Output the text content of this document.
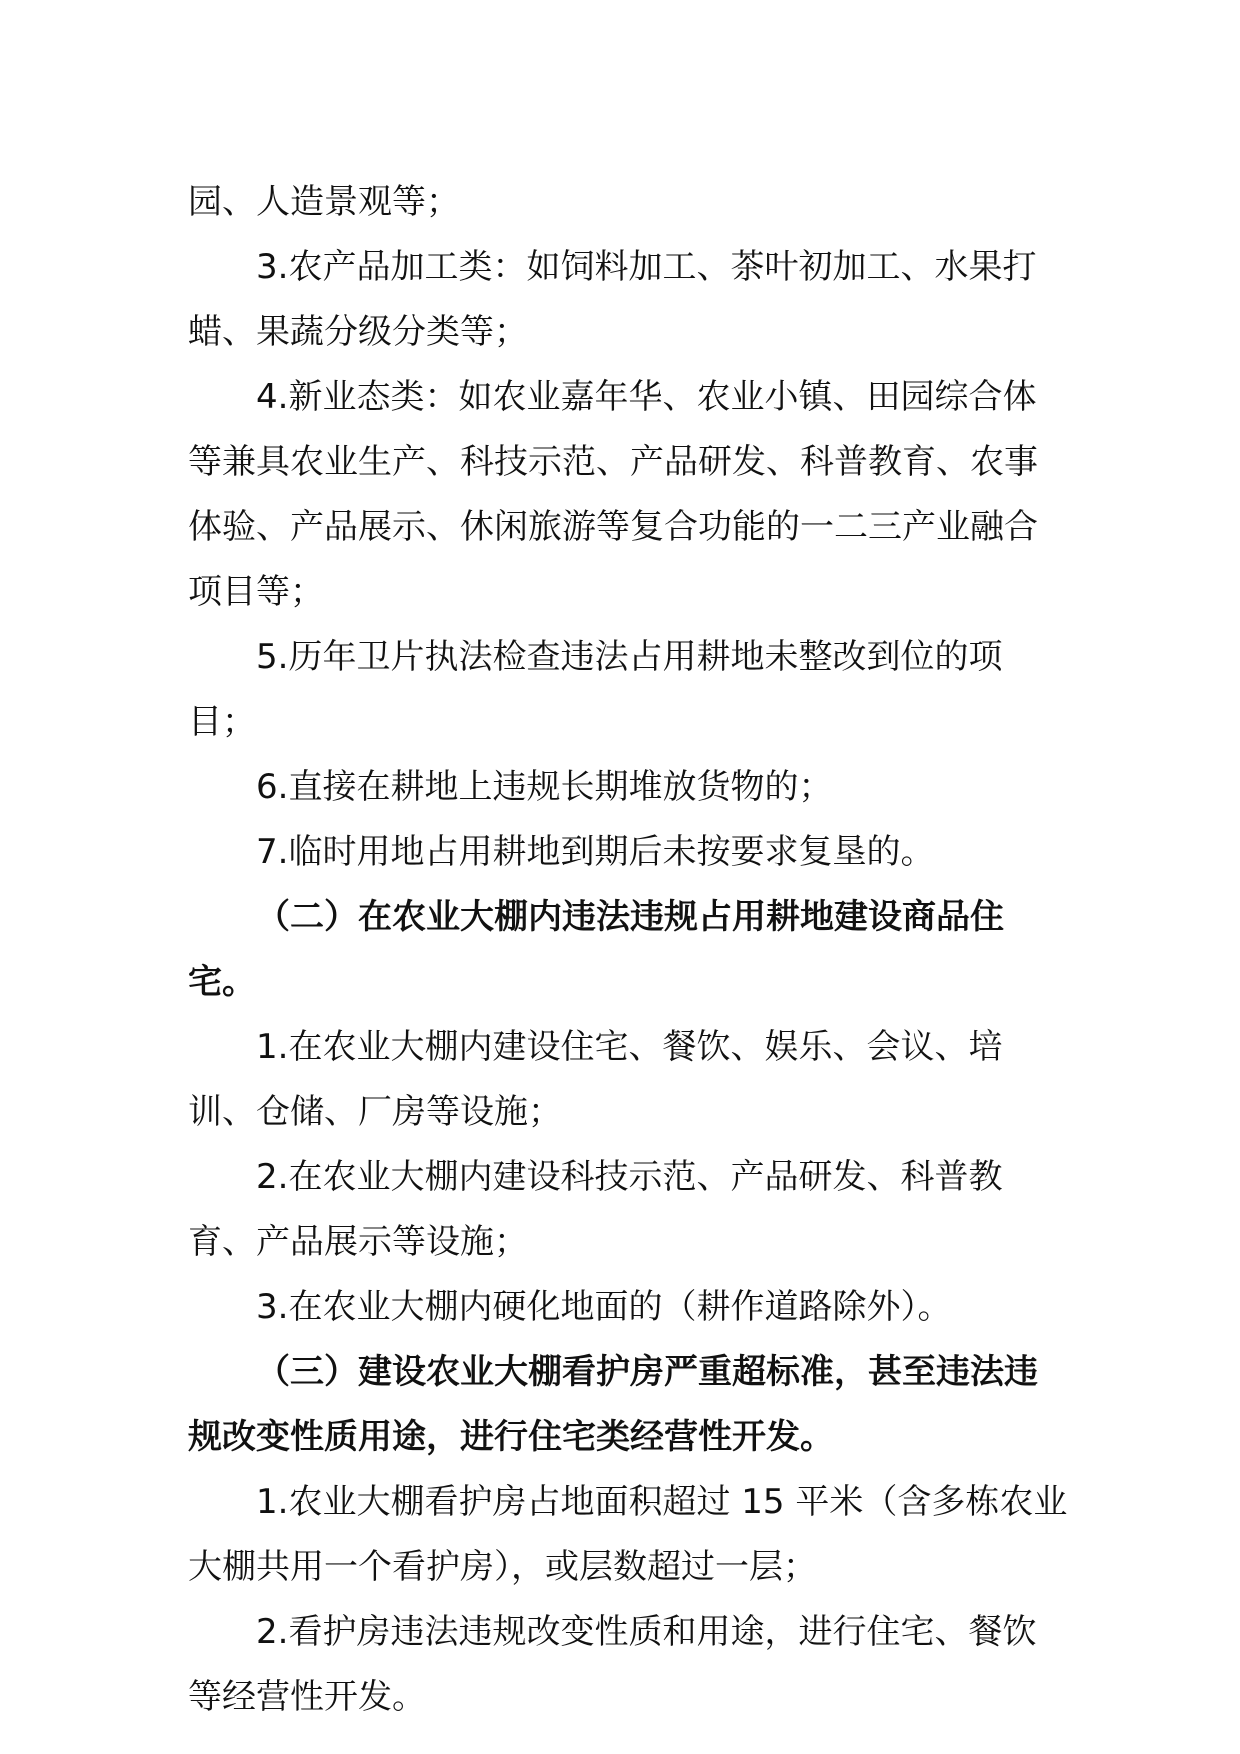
园、人造景观等；

3.农产品加工类：如饲料加工、茶叶初加工、水果打蜡、果蔬分级分类等；

4.新业态类：如农业嘉年华、农业小镇、田园综合体等兼具农业生产、科技示范、产品研发、科普教育、农事体验、产品展示、休闲旅游等复合功能的一二三产业融合项目等；

5.历年卫片执法检查违法占用耕地未整改到位的项目；

6.直接在耕地上违规长期堆放货物的；

7.临时用地占用耕地到期后未按要求复垦的。

（二）在农业大棚内违法违规占用耕地建设商品住宅。

1.在农业大棚内建设住宅、餐饮、娱乐、会议、培训、仓储、厂房等设施；

2.在农业大棚内建设科技示范、产品研发、科普教育、产品展示等设施；

3.在农业大棚内硬化地面的（耕作道路除外）。

（三）建设农业大棚看护房严重超标准，甚至违法违规改变性质用途，进行住宅类经营性开发。

1.农业大棚看护房占地面积超过 15 平米（含多栋农业大棚共用一个看护房），或层数超过一层；

2.看护房违法违规改变性质和用途，进行住宅、餐饮等经营性开发。
